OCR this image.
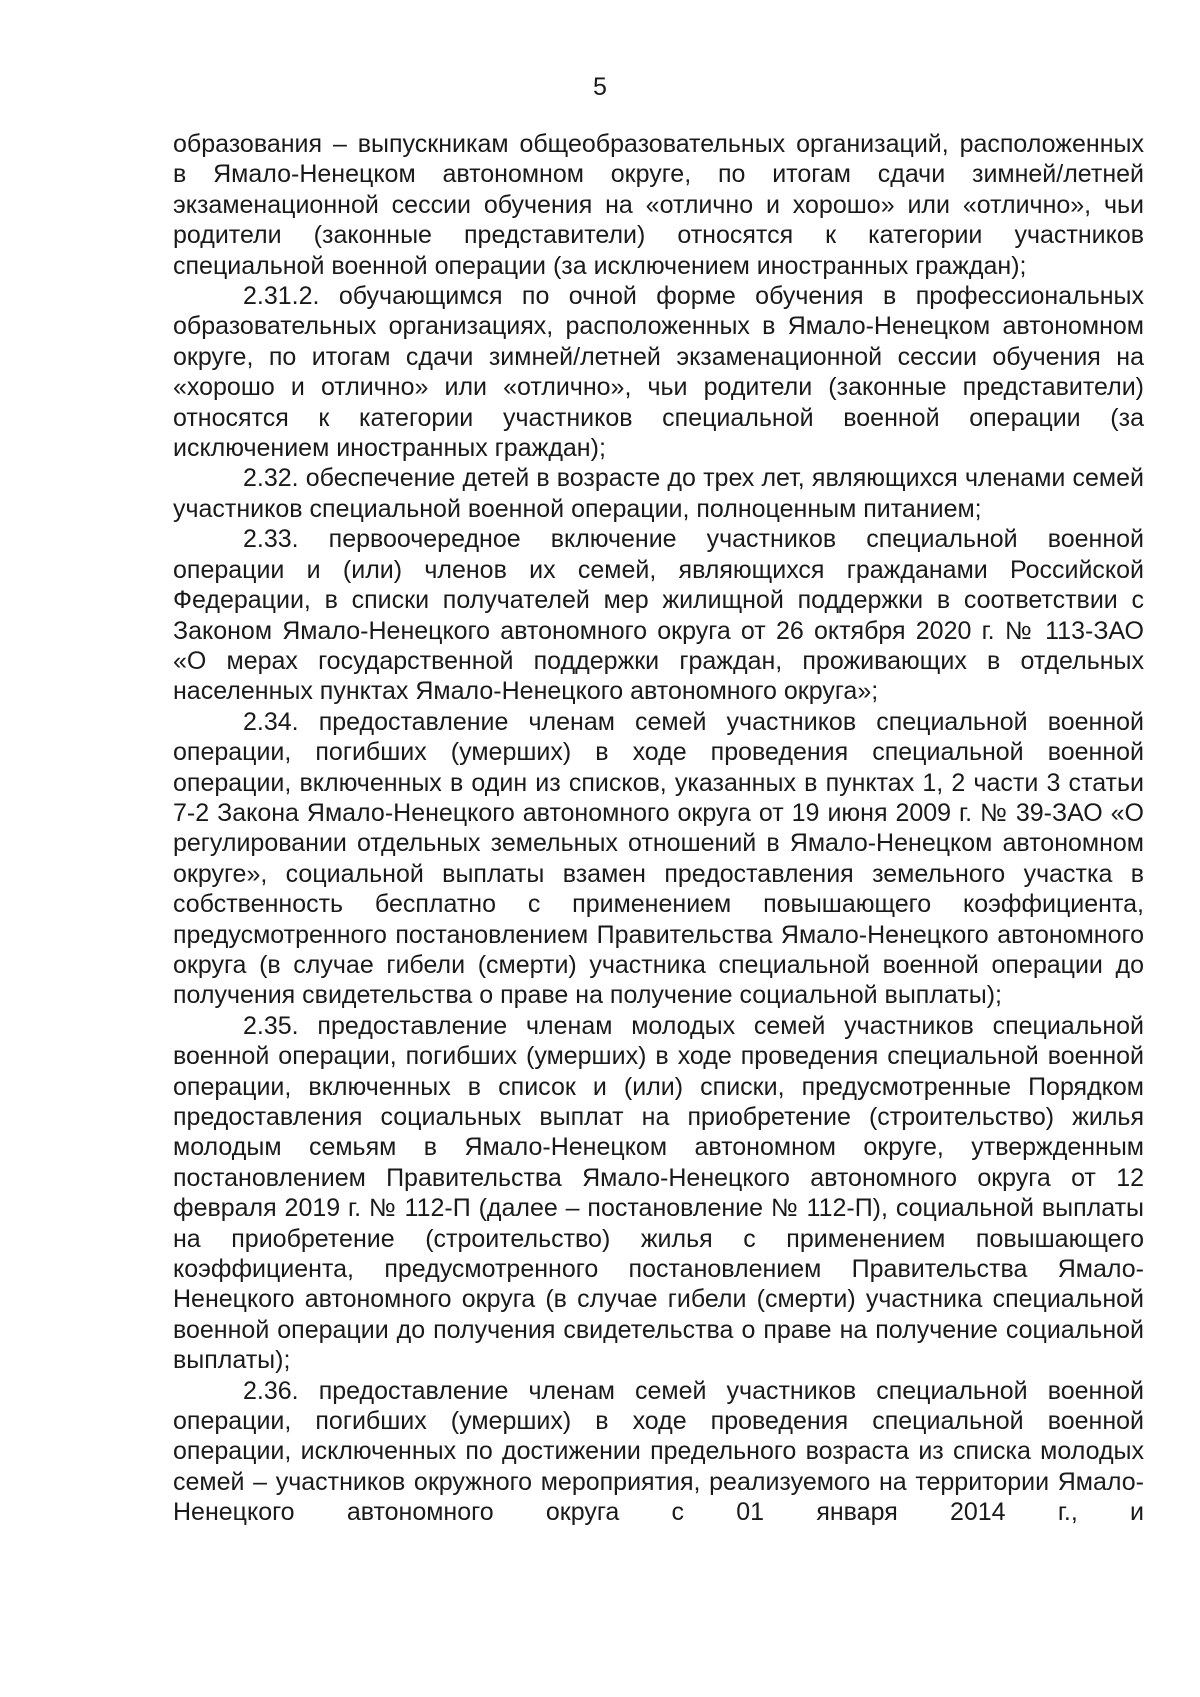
5

образования – выпускникам общеобразовательных организаций, расположенных в Ямало-Ненецком автономном округе, по итогам сдачи зимней/летней экзаменационной сессии обучения на «отлично и хорошо» или «отлично», чьи родители (законные представители) относятся к категории участников специальной военной операции (за исключением иностранных граждан);

2.31.2. обучающимся по очной форме обучения в профессиональных образовательных организациях, расположенных в Ямало-Ненецком автономном округе, по итогам сдачи зимней/летней экзаменационной сессии обучения на «хорошо и отлично» или «отлично», чьи родители (законные представители) относятся к категории участников специальной военной операции (за исключением иностранных граждан);

2.32. обеспечение детей в возрасте до трех лет, являющихся членами семей участников специальной военной операции, полноценным питанием;

2.33. первоочередное включение участников специальной военной операции и (или) членов их семей, являющихся гражданами Российской Федерации, в списки получателей мер жилищной поддержки в соответствии с Законом Ямало-Ненецкого автономного округа от 26 октября 2020 г. № 113-ЗАО «О мерах государственной поддержки граждан, проживающих в отдельных населенных пунктах Ямало-Ненецкого автономного округа»;

2.34. предоставление членам семей участников специальной военной операции, погибших (умерших) в ходе проведения специальной военной операции, включенных в один из списков, указанных в пунктах 1, 2 части 3 статьи 7-2 Закона Ямало-Ненецкого автономного округа от 19 июня 2009 г. № 39-ЗАО «О регулировании отдельных земельных отношений в Ямало-Ненецком автономном округе», социальной выплаты взамен предоставления земельного участка в собственность бесплатно с применением повышающего коэффициента, предусмотренного постановлением Правительства Ямало-Ненецкого автономного округа (в случае гибели (смерти) участника специальной военной операции до получения свидетельства о праве на получение социальной выплаты);

2.35. предоставление членам молодых семей участников специальной военной операции, погибших (умерших) в ходе проведения специальной военной операции, включенных в список и (или) списки, предусмотренные Порядком предоставления социальных выплат на приобретение (строительство) жилья молодым семьям в Ямало-Ненецком автономном округе, утвержденным постановлением Правительства Ямало-Ненецкого автономного округа от 12 февраля 2019 г. № 112-П (далее – постановление № 112-П), социальной выплаты на приобретение (строительство) жилья с применением повышающего коэффициента, предусмотренного постановлением Правительства Ямало-Ненецкого автономного округа (в случае гибели (смерти) участника специальной военной операции до получения свидетельства о праве на получение социальной выплаты);

2.36. предоставление членам семей участников специальной военной операции, погибших (умерших) в ходе проведения специальной военной операции, исключенных по достижении предельного возраста из списка молодых семей – участников окружного мероприятия, реализуемого на территории Ямало-Ненецкого автономного округа с 01 января 2014 г., и
